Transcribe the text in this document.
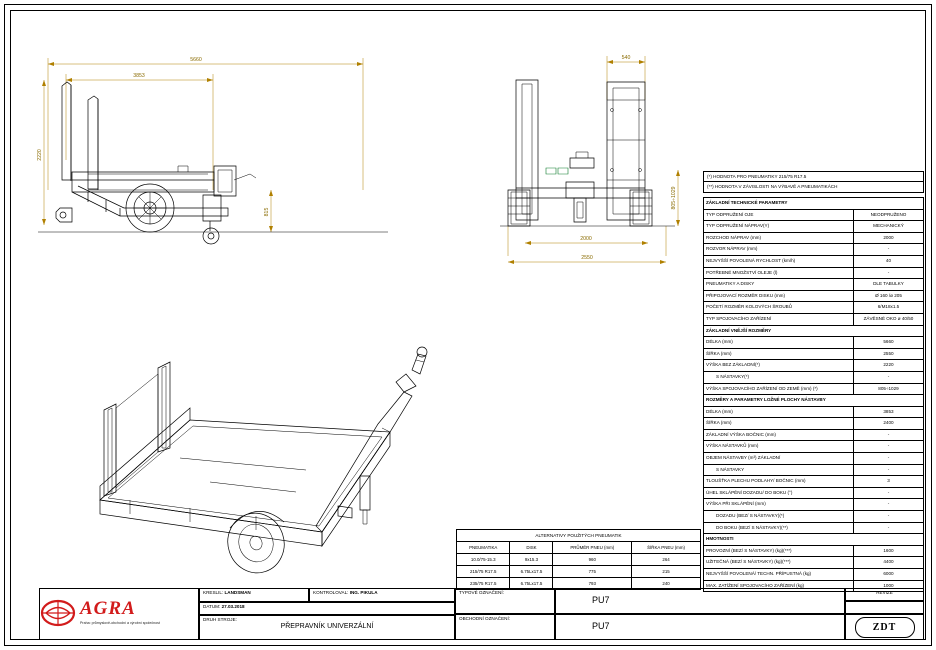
5660
3853
2220
815
540
2000
2550
805÷1029
(*) HODNOTA PRO PNEUMATIKY 215/75 R17.5
(**) HODNOTA V ZÁVISLOSTI NA VÝBAVĚ A PNEUMATIKÁCH
ZÁKLADNÍ TECHNICKÉ PARAMETRY	
TYP ODPRUŽENÍ OJE	NEODPRUŽENO
TYP ODPRUŽENÍ NÁPRAV(Y)	MECHANICKÝ
ROZCHOD NÁPRAV (mm)	2000
ROZVOR NÁPRAV (mm)	-
NEJVYŠŠÍ POVOLENÁ RYCHLOST (km/h)	40
POTŘEBNÉ MNOŽSTVÍ OLEJE (l)	-
PNEUMATIKY A DISKY	DLE TABULKY
PŘIPOJOVACÍ ROZMĚR DISKU (mm)	Ø 160 /ø 205
POČET/ ROZMĚR KOLOVÝCH ŠROUBŮ	6/M18x1.5
TYP SPOJOVACÍHO ZAŘÍZENÍ	ZÁVĚSNÉ OKO ø 40/50
ZÁKLADNÍ VNĚJŠÍ ROZMĚRY	
DÉLKA (mm)	5660
ŠÍŘKA (mm)	2550
VÝŠKA BEZ ZÁKLADNÍ(*)	2220
S NÁSTAVKY(*)	-
VÝŠKA SPOJOVACÍHO ZAŘÍZENÍ OD ZEMĚ (mm) (*)	805÷1029
ROZMĚRY A PARAMETRY LOŽNÉ PLOCHY NÁSTAVBY	
DÉLKA (mm)	3853
ŠÍŘKA (mm)	2400
ZÁKLADNÍ VÝŠKA BOČNIC (mm)	-
VÝŠKA NÁSTAVKŮ (mm)	-
OBJEM NÁSTAVBY (m³) ZÁKLADNÍ	-
S NÁSTAVKY	-
TLOUŠŤKA PLECHU PODLAHY/ BOČNIC (mm)	3
ÚHEL SKLÁPĚNÍ DOZADU/ DO BOKU (°)	-
VÝŠKA PŘI SKLÁPĚNÍ (mm)	-
DOZADU (BEZ/ S NÁSTAVKY)(*)	-
DO BOKU (BEZ/ S NÁSTAVKY)(**)	-
HMOTNOSTI	
PROVOZNÍ (BEZ/ S NÁSTAVKY) (kg)(***)	1600
UŽITEČNÁ (BEZ/ S NÁSTAVKY) (kg)(***)	4400
NEJVYŠŠÍ POVOLENÁ/ TECHN. PŘÍPUSTNÁ (kg)	6000
MAX. ZATÍŽENÍ SPOJOVACÍHO ZAŘÍZENÍ (kg)	1000
ALTERNATIVY POUŽITÝCH PNEUMATIK			
PNEUMATIKA	DISK	PRŮMĚR PNEU (mm)	ŠÍŘKA PNEU (mm)
10.0/75-15.3	9x15.3	960	264
215/75 R17.5	6.75Lx17.5	775	215
235/75 R17.5	6.75Lx17.5	793	240
KRESLIL: LANDSMAN	KONTROLOVAL: ING. PIKULA
DATUM: 27.03.2018
DRUH STROJE:
PŘEPRAVNÍK UNIVERZÁLNÍ
TYPOVÉ OZNAČENÍ:
PU7
REVIZE
OBCHODNÍ OZNAČENÍ:
PU7	ZDT
AGRA
Praha: průmyslově-obchodní a výrobní společnost
